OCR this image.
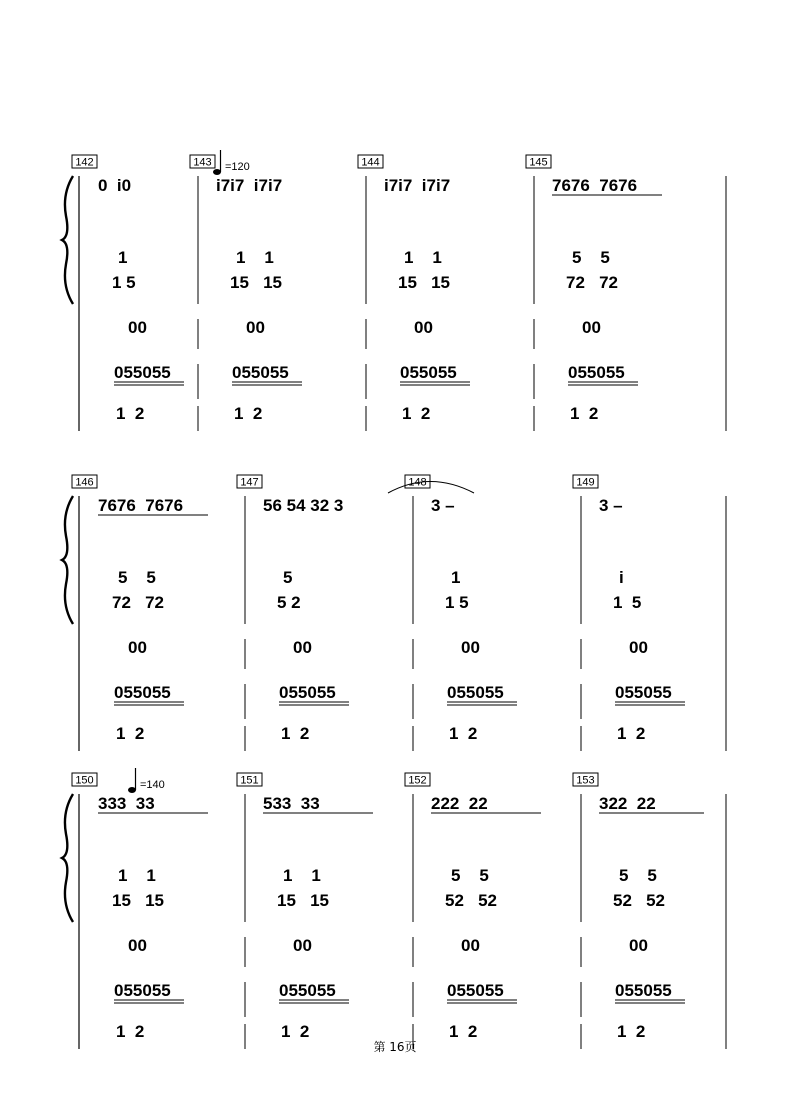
142
0  i0
1
1 5
00
055055
1  2
143 =120
i7i7  i7i7
1    1
15   15
00
055055
1  2
144
i7i7  i7i7
1    1
15   15
00
055055
1  2
145
7676  7676
5    5
72   72
00
055055
1  2
146
7676  7676
5    5
72   72
00
055055
1  2
147
56 54 32 3
5
5 2
00
055055
1  2
148
3 –
1
1 5
00
055055
1  2
149
3 –
i
1  5
00
055055
1  2
150	=140
333  33
1    1
15   15
00
055055
1  2
151
533  33
1    1
15   15
00
055055
1  2
152
222  22
5    5
52   52
00
055055
1  2
153
322  22
5    5
52   52
00
055055
1  2
第 16页
